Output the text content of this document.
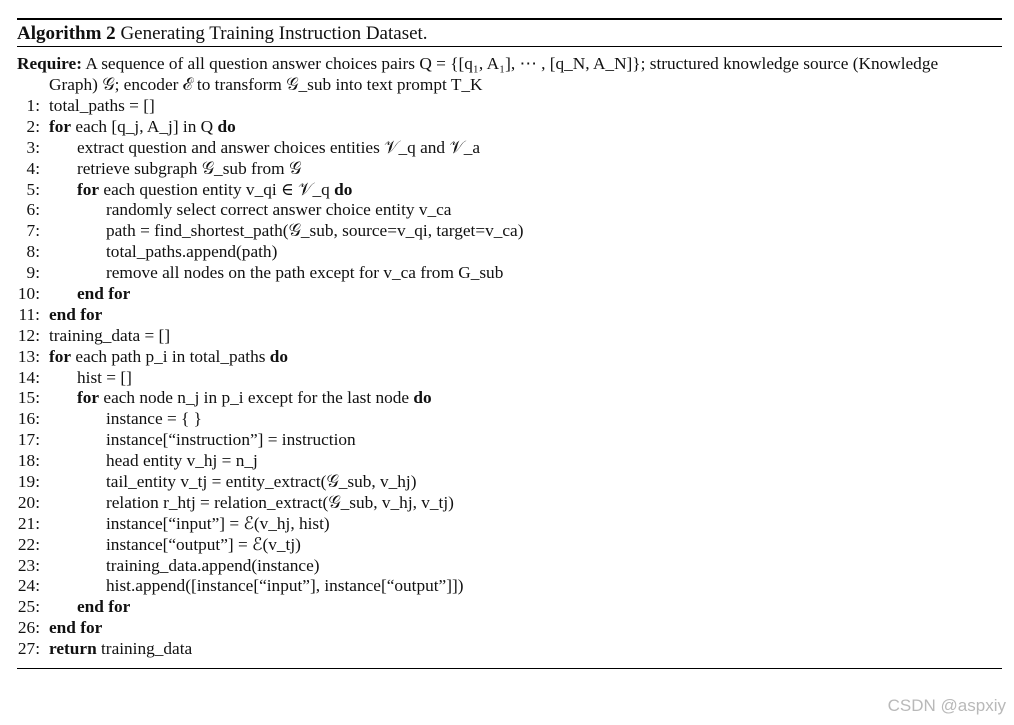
Algorithm 2 Generating Training Instruction Dataset.
Require: A sequence of all question answer choices pairs Q = {[q₁, A₁], ⋯ , [q_N, A_N]}; structured knowledge source (Knowledge
Graph) 𝒢; encoder ℰ to transform 𝒢_sub into text prompt T_K
1: total_paths = []
2: for each [q_j, A_j] in Q do
3: extract question and answer choices entities 𝒱_q and 𝒱_a
4: retrieve subgraph 𝒢_sub from 𝒢
5: for each question entity v_qi ∈ 𝒱_q do
6:	randomly select correct answer choice entity v_ca
7:	path = find_shortest_path(𝒢_sub, source=v_qi, target=v_ca)
8:	total_paths.append(path)
9:	remove all nodes on the path except for v_ca from G_sub
10: end for
11: end for
12: training_data = []
13: for each path p_i in total_paths do
14: hist = []
15: for each node n_j in p_i except for the last node do
16:	instance = { }
17:	instance[“instruction”] = instruction
18:	head entity v_hj = n_j
19:	tail_entity v_tj = entity_extract(𝒢_sub, v_hj)
20:	relation r_htj = relation_extract(𝒢_sub, v_hj, v_tj)
21:	instance[“input”] = ℰ(v_hj, hist)
22:	instance[“output”] = ℰ(v_tj)
23:	training_data.append(instance)
24:	hist.append([instance[“input”], instance[“output”]])
25: end for
26: end for
27: return training_data
CSDN @aspxiy
